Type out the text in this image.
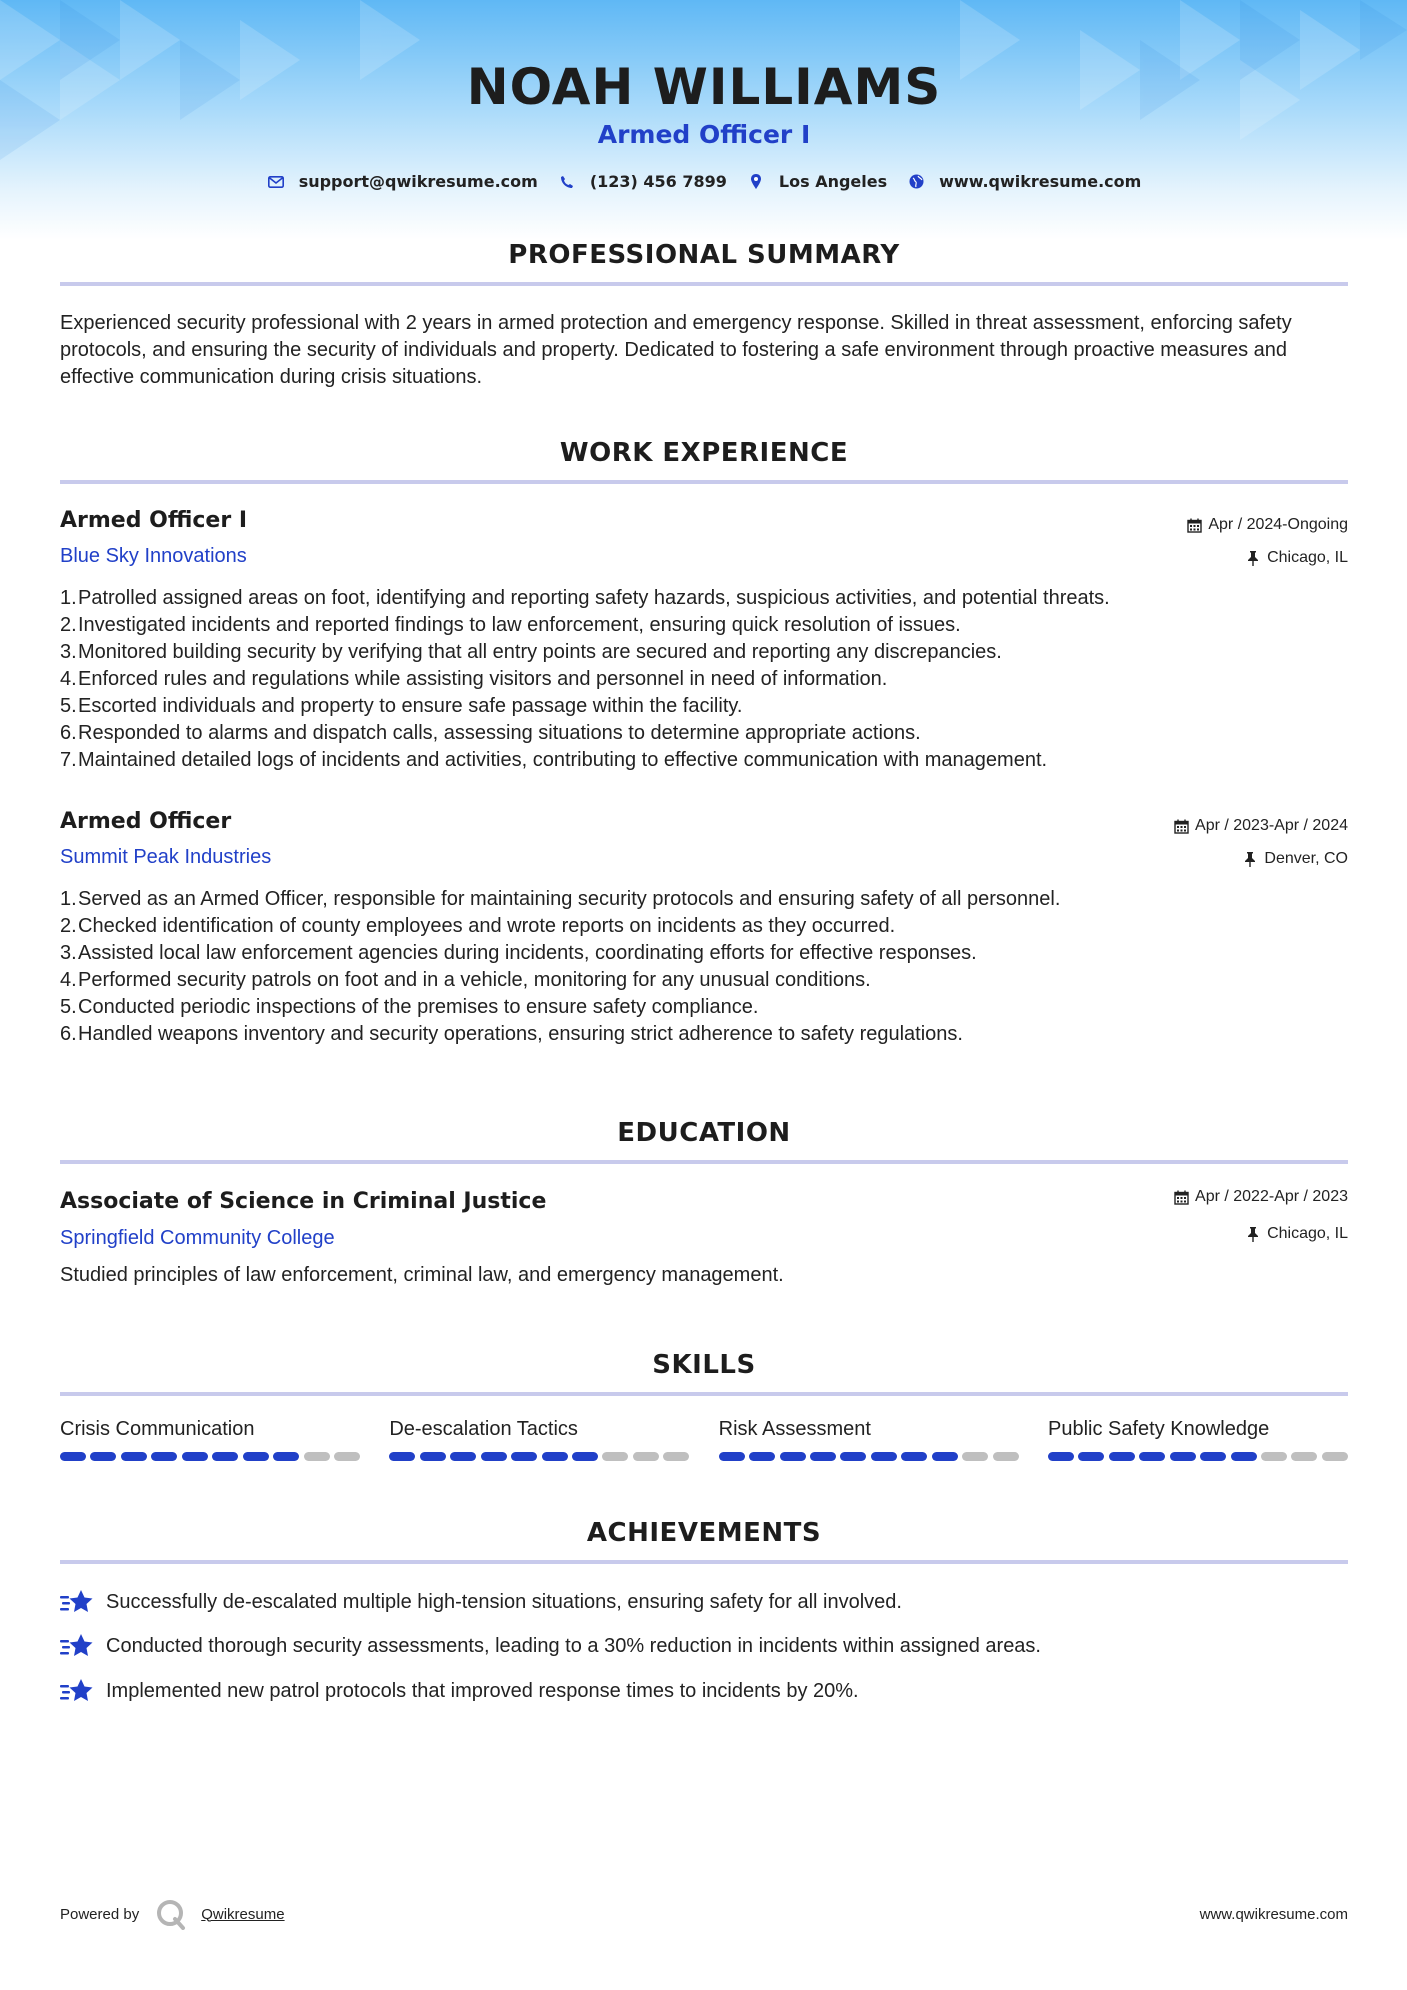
NOAH WILLIAMS
Armed Officer I
support@qwikresume.com	(123) 456 7899	Los Angeles	www.qwikresume.com
PROFESSIONAL SUMMARY
Experienced security professional with 2 years in armed protection and emergency response. Skilled in threat assessment, enforcing safety protocols, and ensuring the security of individuals and property. Dedicated to fostering a safe environment through proactive measures and effective communication during crisis situations.
WORK EXPERIENCE
Armed Officer I
Blue Sky Innovations
Apr / 2024-Ongoing
Chicago, IL
1. Patrolled assigned areas on foot, identifying and reporting safety hazards, suspicious activities, and potential threats.
2. Investigated incidents and reported findings to law enforcement, ensuring quick resolution of issues.
3. Monitored building security by verifying that all entry points are secured and reporting any discrepancies.
4. Enforced rules and regulations while assisting visitors and personnel in need of information.
5. Escorted individuals and property to ensure safe passage within the facility.
6. Responded to alarms and dispatch calls, assessing situations to determine appropriate actions.
7. Maintained detailed logs of incidents and activities, contributing to effective communication with management.
Armed Officer
Summit Peak Industries
Apr / 2023-Apr / 2024
Denver, CO
1. Served as an Armed Officer, responsible for maintaining security protocols and ensuring safety of all personnel.
2. Checked identification of county employees and wrote reports on incidents as they occurred.
3. Assisted local law enforcement agencies during incidents, coordinating efforts for effective responses.
4. Performed security patrols on foot and in a vehicle, monitoring for any unusual conditions.
5. Conducted periodic inspections of the premises to ensure safety compliance.
6. Handled weapons inventory and security operations, ensuring strict adherence to safety regulations.
EDUCATION
Associate of Science in Criminal Justice
Springfield Community College
Apr / 2022-Apr / 2023
Chicago, IL
Studied principles of law enforcement, criminal law, and emergency management.
SKILLS
Crisis Communication	De-escalation Tactics	Risk Assessment	Public Safety Knowledge
ACHIEVEMENTS
Successfully de-escalated multiple high-tension situations, ensuring safety for all involved.
Conducted thorough security assessments, leading to a 30% reduction in incidents within assigned areas.
Implemented new patrol protocols that improved response times to incidents by 20%.
Powered by	Qwikresume	www.qwikresume.com
